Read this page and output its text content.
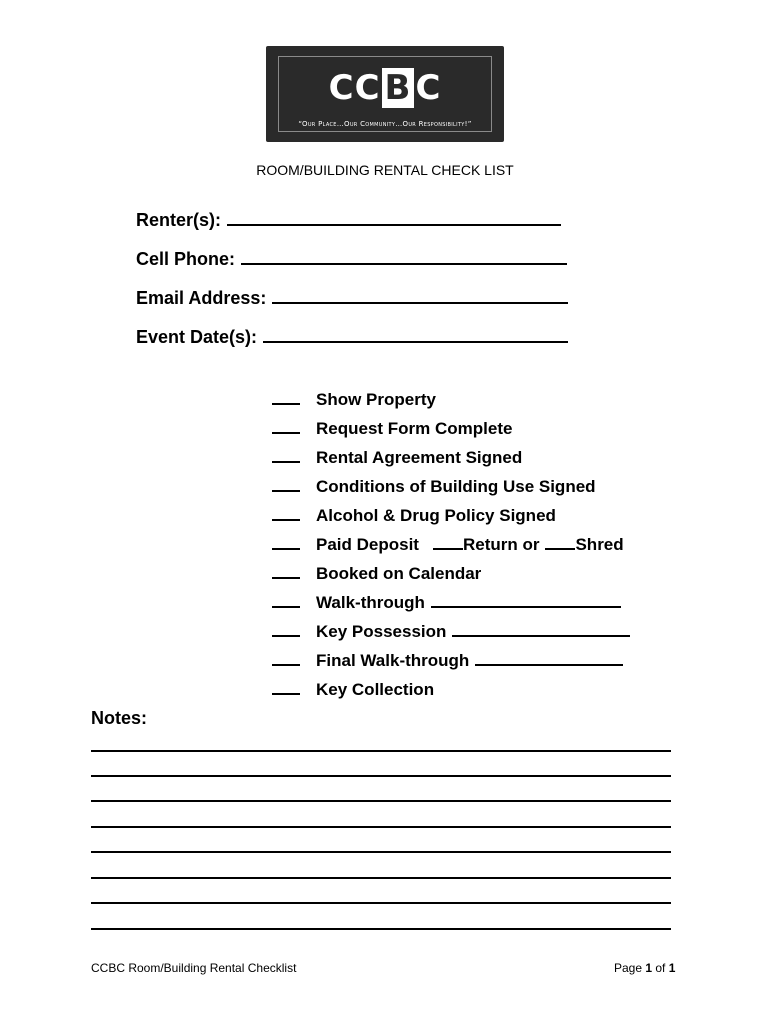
CC B C
“Our Place…Our Community…Our Responsibility!”
ROOM/BUILDING RENTAL CHECK LIST
Renter(s):
Cell Phone:
Email Address:
Event Date(s):
Show Property
Request Form Complete
Rental Agreement Signed
Conditions of Building Use Signed
Alcohol & Drug Policy Signed
Paid Deposit	Return or Shred
Booked on Calendar
Walk-through
Key Possession
Final Walk-through
Key Collection
Notes:
CCBC Room/Building Rental Checklist	Page 1 of 1
